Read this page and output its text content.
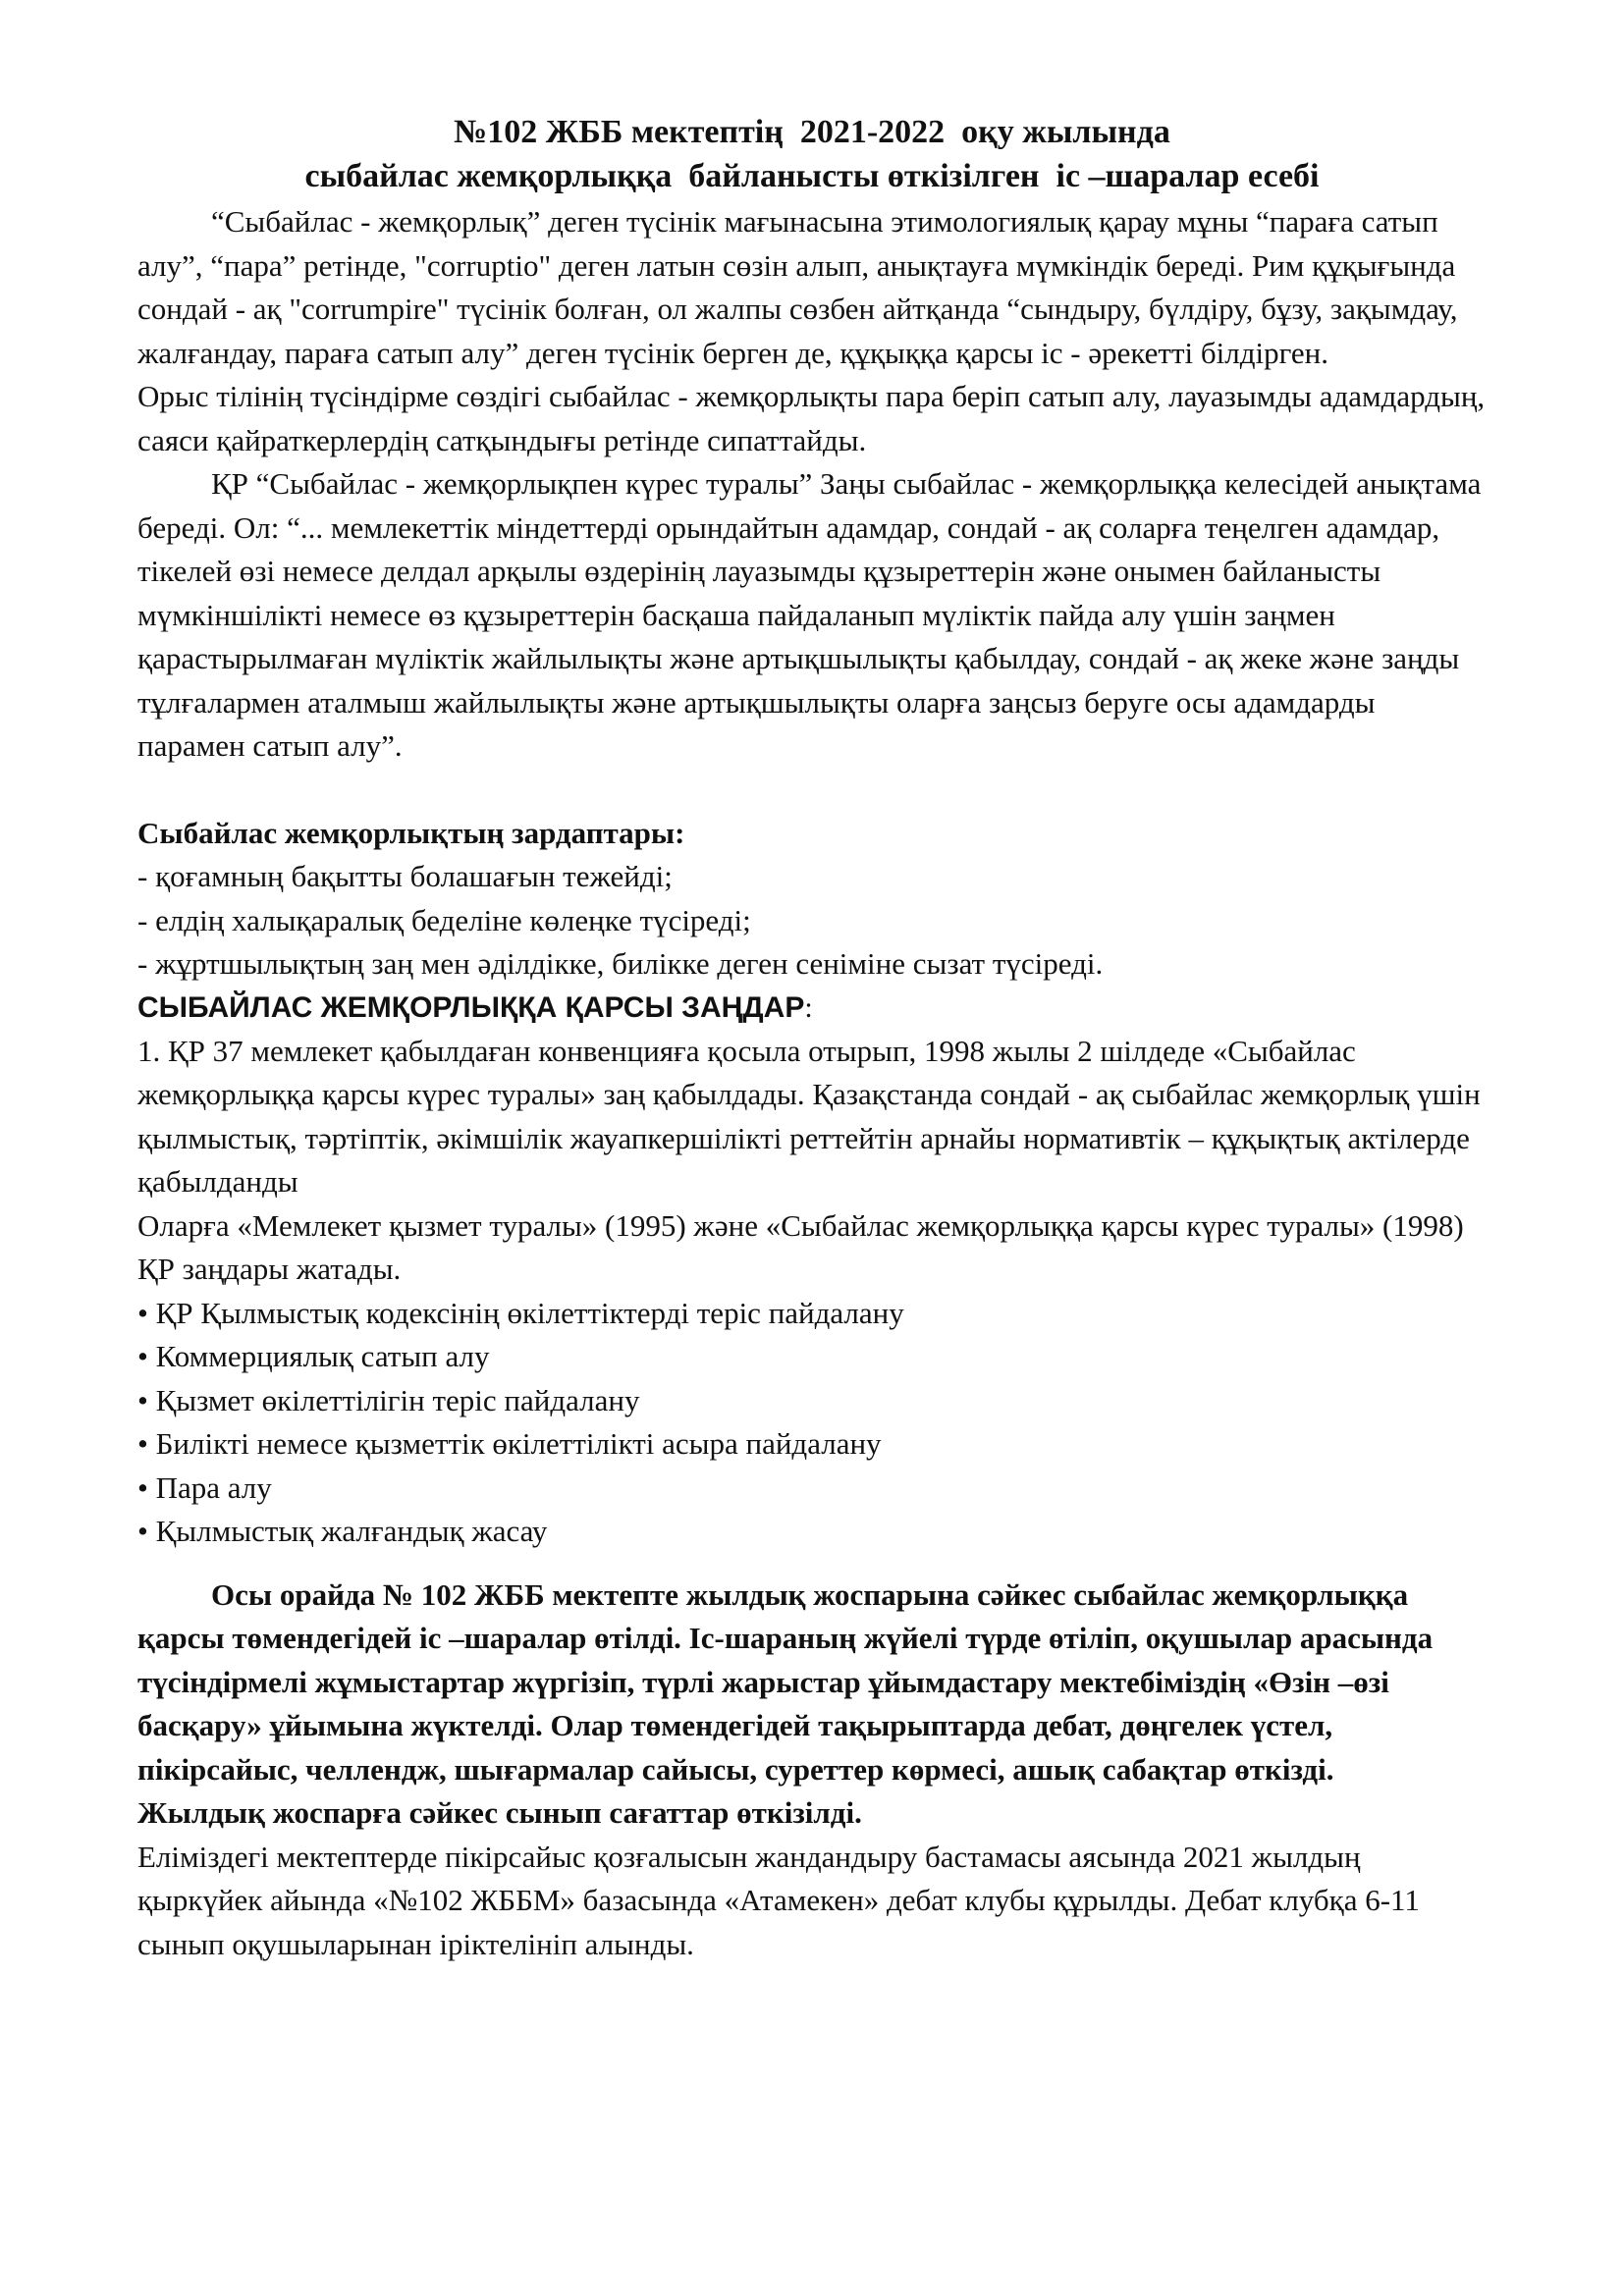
№102 ЖББ мектептің  2021-2022  оқу жылында

сыбайлас жемқорлыққа  байланысты өткізілген  іс –шаралар есебі

“Сыбайлас - жемқорлық” деген түсінік мағынасына этимологиялық қарау мұны “параға сатып алу”, “пара” ретінде, "corruptio" деген латын сөзін алып, анықтауға мүмкіндік береді. Рим құқығында сондай - ақ "corrumpire" түсінік болған, ол жалпы сөзбен айтқанда “сындыру, бүлдіру, бұзу, зақымдау, жалғандау, параға сатып алу” деген түсінік берген де, құқыққа қарсы іс - әрекетті білдірген.

Орыс тілінің түсіндірме сөздігі сыбайлас - жемқорлықты пара беріп сатып алу, лауазымды адамдардың, саяси қайраткерлердің сатқындығы ретінде сипаттайды.

ҚР “Сыбайлас - жемқорлықпен күрес туралы” Заңы сыбайлас - жемқорлыққа келесідей анықтама береді. Ол: “... мемлекеттік міндеттерді орындайтын адамдар, сондай - ақ соларға теңелген адамдар, тікелей өзі немесе делдал арқылы өздерінің лауазымды құзыреттерін және онымен байланысты мүмкіншілікті немесе өз құзыреттерін басқаша пайдаланып мүліктік пайда алу үшін заңмен қарастырылмаған мүліктік жайлылықты және артықшылықты қабылдау, сондай - ақ жеке және заңды тұлғалармен аталмыш жайлылықты және артықшылықты оларға заңсыз беруге осы адамдарды парамен сатып алу”.

Сыбайлас жемқорлықтың зардаптары:

- қоғамның бақытты болашағын тежейді;
- елдің халықаралық беделіне көлеңке түсіреді;
- жұртшылықтың заң мен әділдікке, билікке деген сеніміне сызат түсіреді.

СЫБАЙЛАС ЖЕМҚОРЛЫҚҚА ҚАРСЫ ЗАҢДАР:

1. ҚР 37 мемлекет қабылдаған конвенцияға қосыла отырып, 1998 жылы 2 шілдеде «Сыбайлас жемқорлыққа қарсы күрес туралы» заң қабылдады. Қазақстанда сондай - ақ сыбайлас жемқорлық үшін қылмыстық, тәртіптік, әкімшілік жауапкершілікті реттейтін арнайы нормативтік – құқықтық актілерде қабылданды

Оларға «Мемлекет қызмет туралы» (1995) және «Сыбайлас жемқорлыққа қарсы күрес туралы» (1998) ҚР заңдары жатады.

• ҚР Қылмыстық кодексінің өкілеттіктерді теріс пайдалану
• Коммерциялық сатып алу
• Қызмет өкілеттілігін теріс пайдалану
• Билікті немесе қызметтік өкілеттілікті асыра пайдалану
• Пара алу
• Қылмыстық жалғандық жасау

Осы орайда № 102 ЖББ мектепте жылдық жоспарына сәйкес сыбайлас жемқорлыққа қарсы төмендегідей іс –шаралар өтілді. Іс-шараның жүйелі түрде өтіліп, оқушылар арасында түсіндірмелі жұмыстартар жүргізіп, түрлі жарыстар ұйымдастару мектебіміздің «Өзін –өзі басқару» ұйымына жүктелді. Олар төмендегідей тақырыптарда дебат, дөңгелек үстел, пікірсайыс, челлендж, шығармалар сайысы, суреттер көрмесі, ашық сабақтар өткізді.

Жылдық жоспарға сәйкес сынып сағаттар өткізілді.

Еліміздегі мектептерде пікірсайыс қозғалысын жандандыру бастамасы аясында 2021 жылдың қыркүйек айында «№102 ЖББМ» базасында «Атамекен» дебат клубы құрылды. Дебат клубқа 6-11 сынып оқушыларынан іріктелініп алынды.
